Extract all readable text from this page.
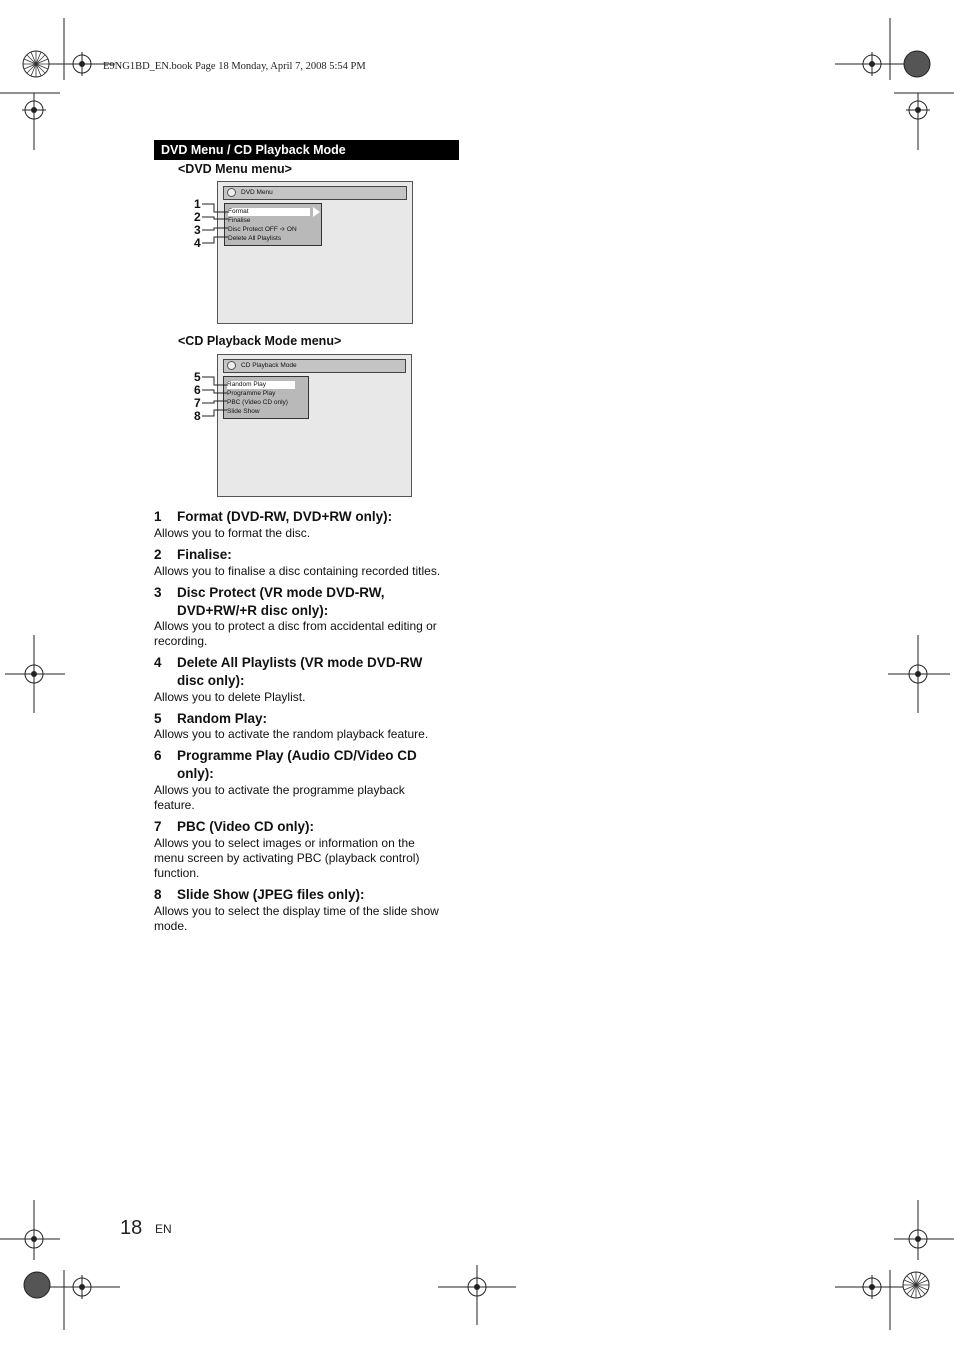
E9NG1BD_EN.book Page 18 Monday, April 7, 2008 5:54 PM
DVD Menu / CD Playback Mode
<DVD Menu menu>
DVD Menu
Format
Finalise
Disc Protect OFF ➩ ON
Delete All Playlists
1
2
3
4
<CD Playback Mode menu>
CD Playback Mode
Random Play
Programme Play
PBC (Video CD only)
Slide Show
5
6
7
8
1 Format (DVD-RW, DVD+RW only):
Allows you to format the disc.
2 Finalise:
Allows you to finalise a disc containing recorded titles.
3 Disc Protect (VR mode DVD-RW, DVD+RW/+R disc only):
Allows you to protect a disc from accidental editing or recording.
4 Delete All Playlists (VR mode DVD-RW disc only):
Allows you to delete Playlist.
5 Random Play:
Allows you to activate the random playback feature.
6 Programme Play (Audio CD/Video CD only):
Allows you to activate the programme playback feature.
7 PBC (Video CD only):
Allows you to select images or information on the menu screen by activating PBC (playback control) function.
8 Slide Show (JPEG files only):
Allows you to select the display time of the slide show mode.
18 EN
